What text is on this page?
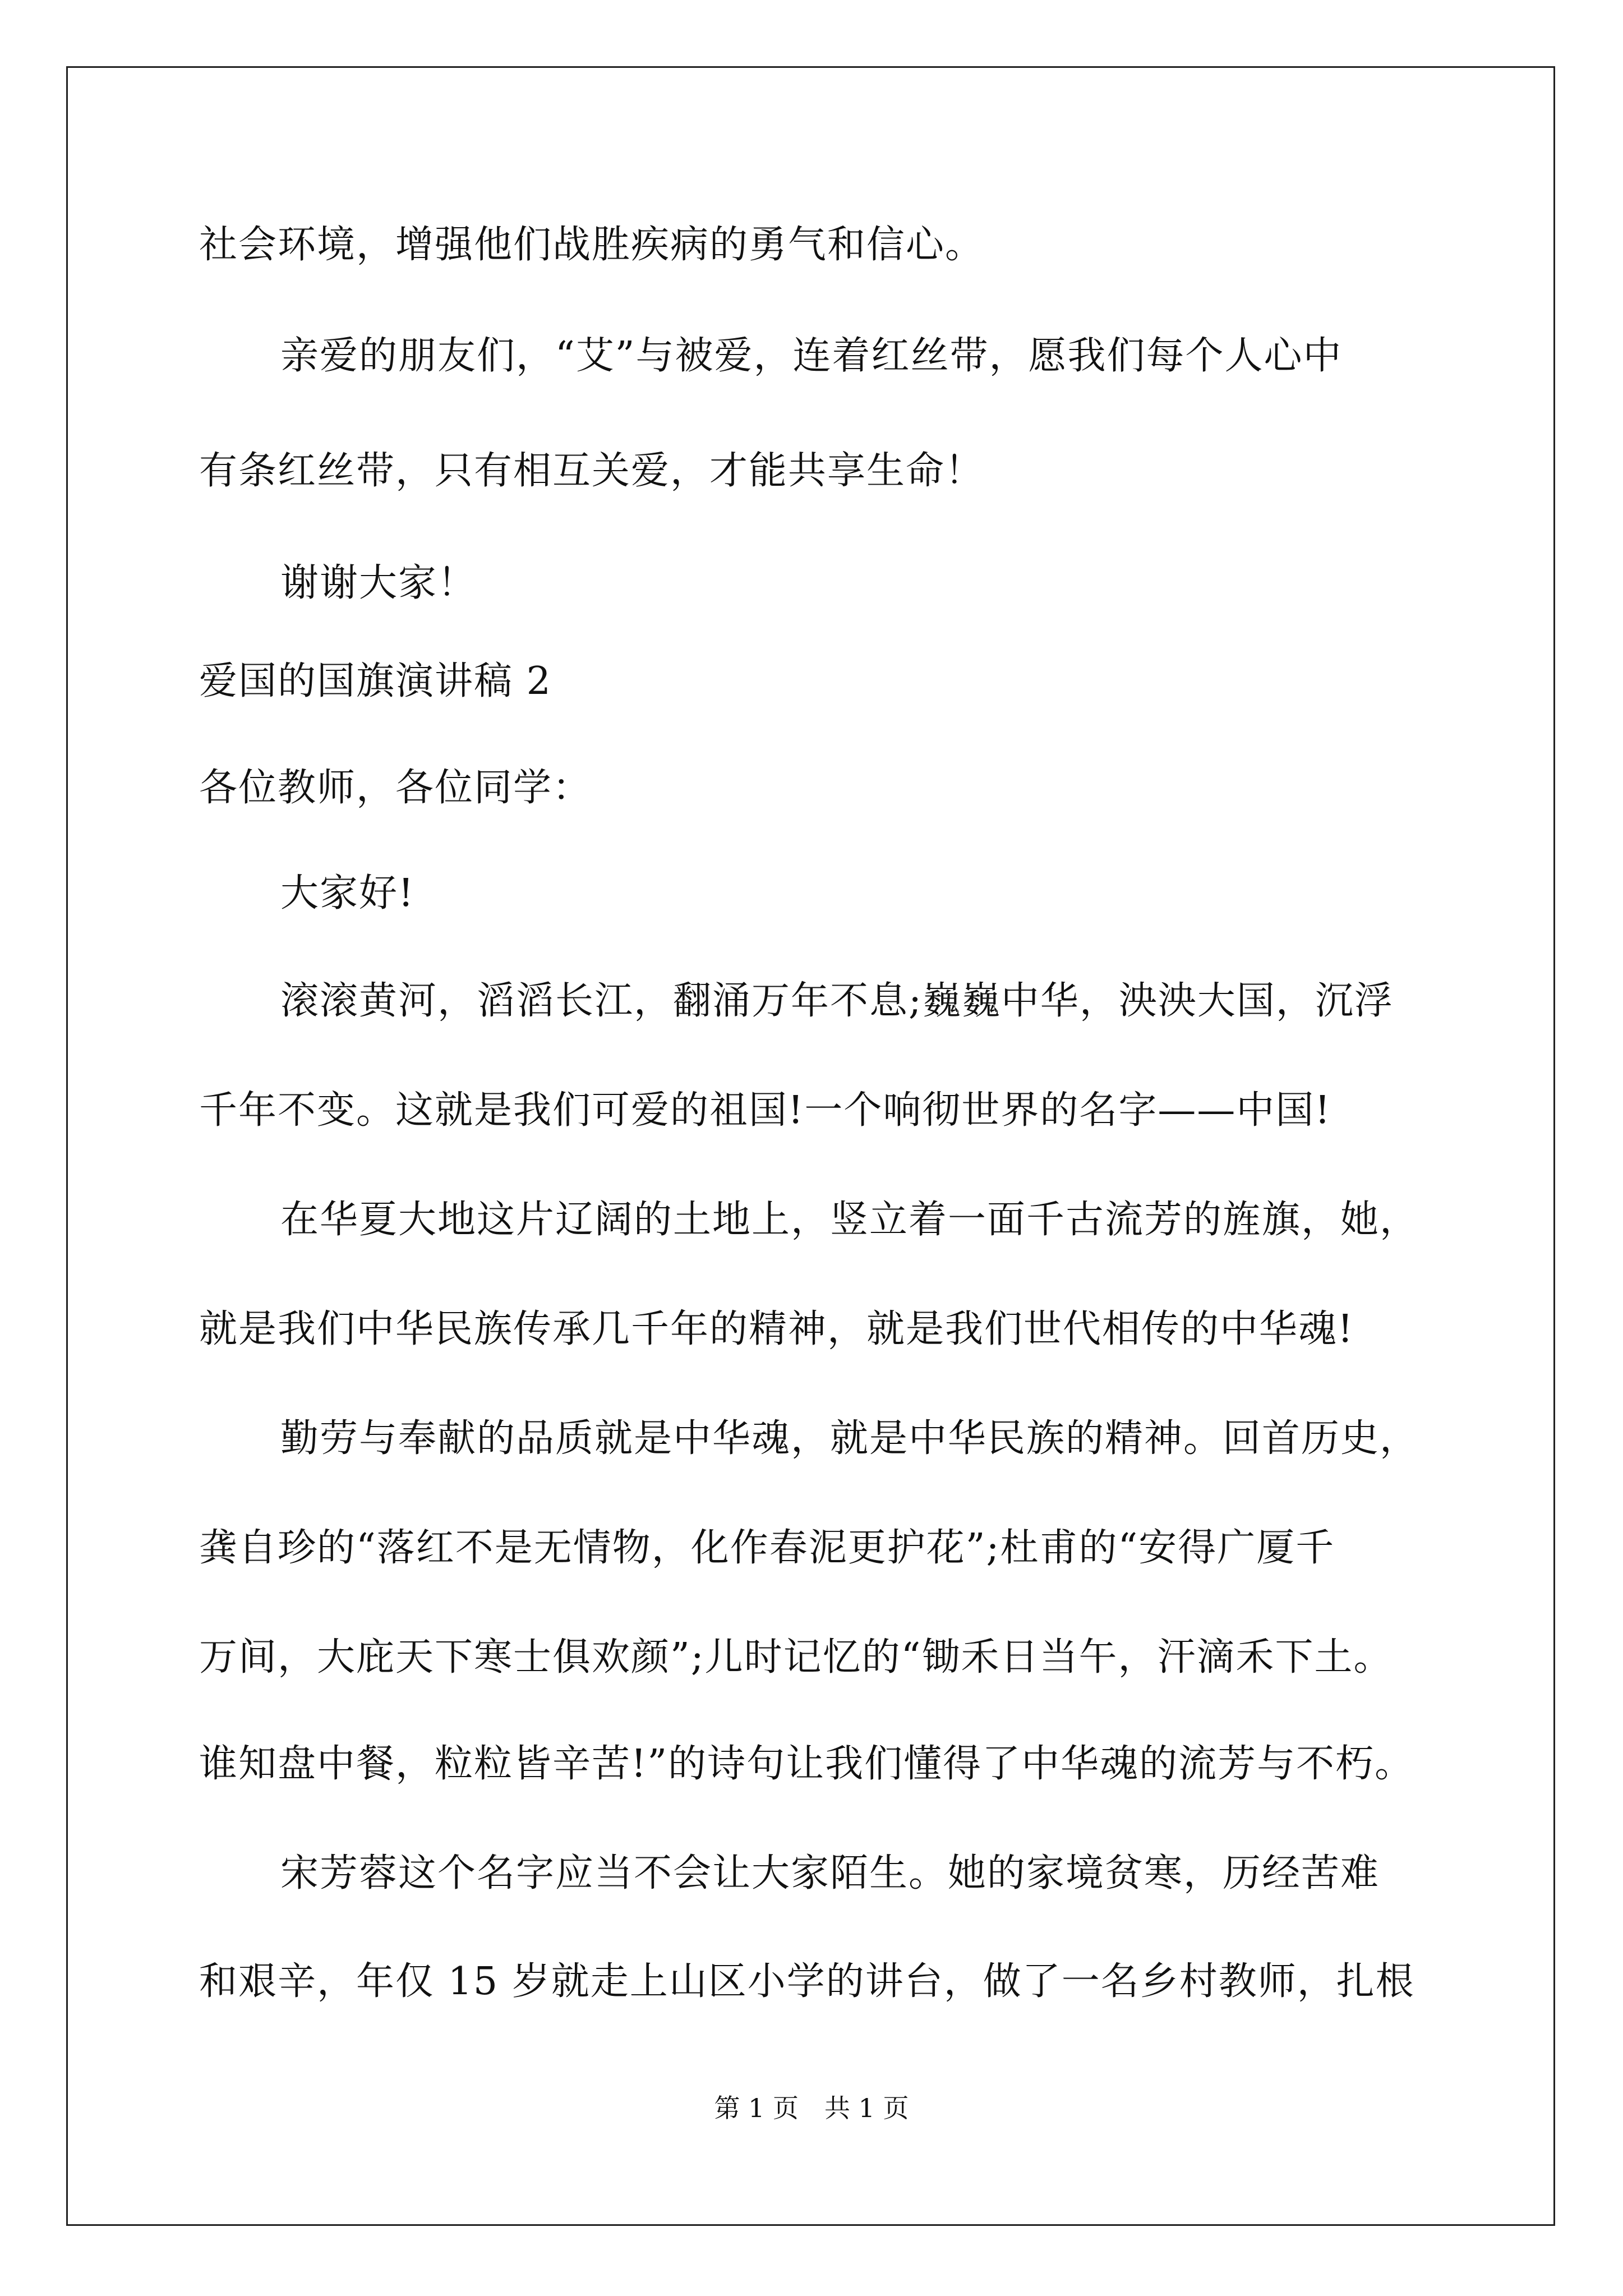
社会环境，增强他们战胜疾病的勇气和信心。
亲爱的朋友们，“艾”与被爱，连着红丝带，愿我们每个人心中
有条红丝带，只有相互关爱，才能共享生命！
谢谢大家！
爱国的国旗演讲稿 2
各位教师，各位同学：
大家好!
滚滚黄河，滔滔长江，翻涌万年不息;巍巍中华，泱泱大国，沉浮
千年不变。这就是我们可爱的祖国!一个响彻世界的名字——中国!
在华夏大地这片辽阔的土地上，竖立着一面千古流芳的旌旗，她，
就是我们中华民族传承几千年的精神，就是我们世代相传的中华魂!
勤劳与奉献的品质就是中华魂，就是中华民族的精神。回首历史，
龚自珍的“落红不是无情物，化作春泥更护花”;杜甫的“安得广厦千
万间，大庇天下寒士俱欢颜”;儿时记忆的“锄禾日当午，汗滴禾下土。
谁知盘中餐，粒粒皆辛苦!”的诗句让我们懂得了中华魂的流芳与不朽。
宋芳蓉这个名字应当不会让大家陌生。她的家境贫寒，历经苦难
和艰辛，年仅 15 岁就走上山区小学的讲台，做了一名乡村教师，扎根
第 1 页　共 1 页
